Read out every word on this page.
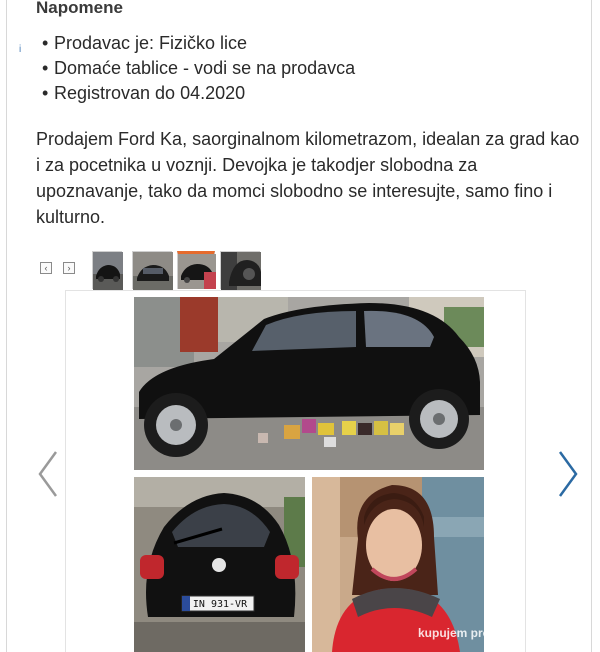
Napomene
i • Prodavac je: Fizičko lice
• Domaće tablice - vodi se na prodavca
• Registrovan do 04.2020

Prodajem Ford Ka, saorginalnom kilometrazom, idealan za grad kao i za pocetnika u voznji. Devojka je takodjer slobodna za upoznavanje, tako da momci slobodno se interesujte, samo fino i kulturno.

‹	›
IN 931-VR
kupujem prodajem
